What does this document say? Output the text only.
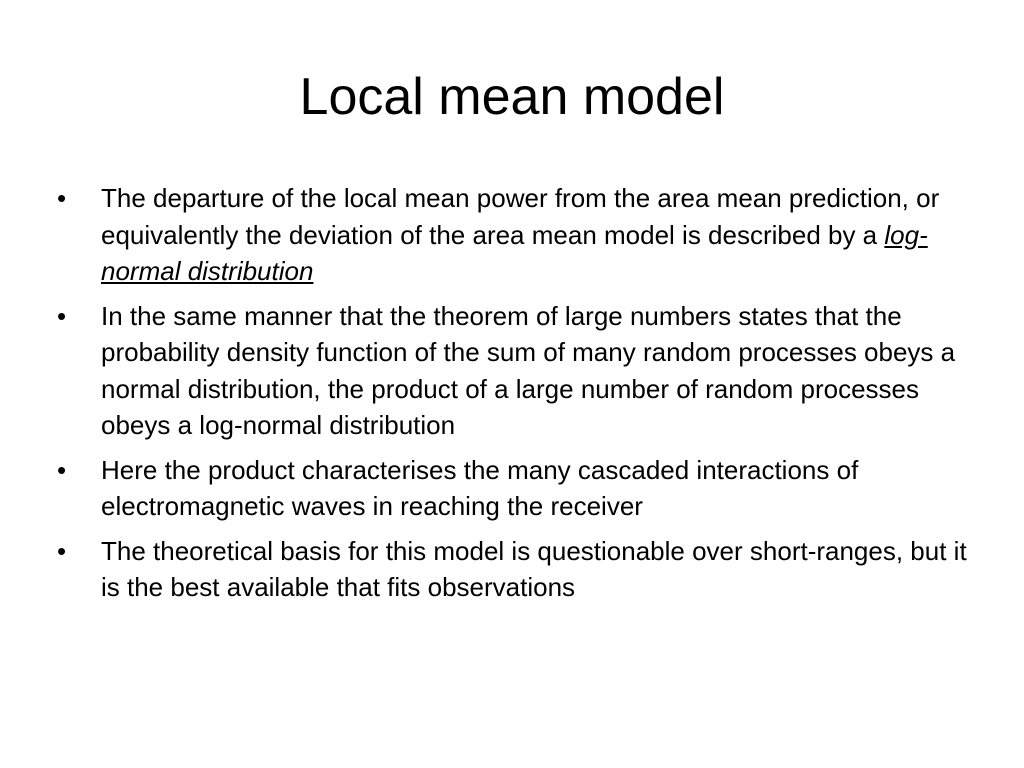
Local mean model
•	The departure of the local mean power from the area mean prediction, or equivalently the deviation of the area mean model is described by a log-normal distribution
•	In the same manner that the theorem of large numbers states that the probability density function of the sum of many random processes obeys a normal distribution, the product of a large number of random processes obeys a log-normal distribution
•	Here the product characterises the many cascaded interactions of electromagnetic waves in reaching the receiver
•	The theoretical basis for this model is questionable over short-ranges, but it is the best available that fits observations
